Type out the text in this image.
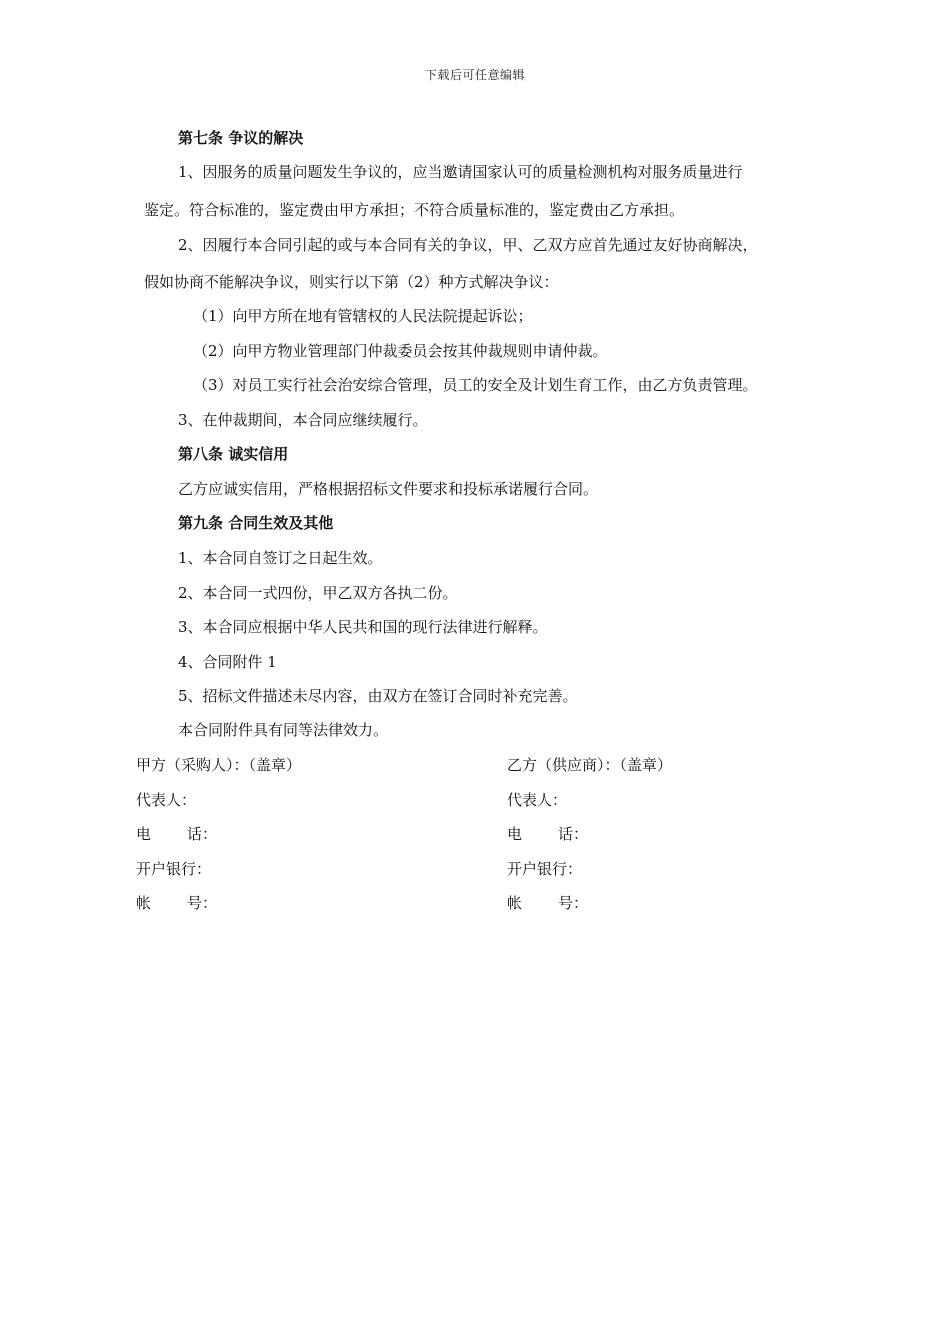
下载后可任意编辑
第七条 争议的解决
1、因服务的质量问题发生争议的，应当邀请国家认可的质量检测机构对服务质量进行
鉴定。符合标准的，鉴定费由甲方承担；不符合质量标准的，鉴定费由乙方承担。
2、因履行本合同引起的或与本合同有关的争议，甲、乙双方应首先通过友好协商解决，
假如协商不能解决争议，则实行以下第（2）种方式解决争议：
（1）向甲方所在地有管辖权的人民法院提起诉讼；
（2）向甲方物业管理部门仲裁委员会按其仲裁规则申请仲裁。
（3）对员工实行社会治安综合管理，员工的安全及计划生育工作，由乙方负责管理。
3、在仲裁期间，本合同应继续履行。
第八条 诚实信用
乙方应诚实信用，严格根据招标文件要求和投标承诺履行合同。
第九条 合同生效及其他
1、本合同自签订之日起生效。
2、本合同一式四份，甲乙双方各执二份。
3、本合同应根据中华人民共和国的现行法律进行解释。
4、合同附件 1
5、招标文件描述未尽内容，由双方在签订合同时补充完善。
本合同附件具有同等法律效力。
甲方（采购人）：（盖章）
代表人：
电 话：
开户银行：
帐 号：
乙方（供应商）：（盖章）
代表人：
电 话：
开户银行：
帐 号：
